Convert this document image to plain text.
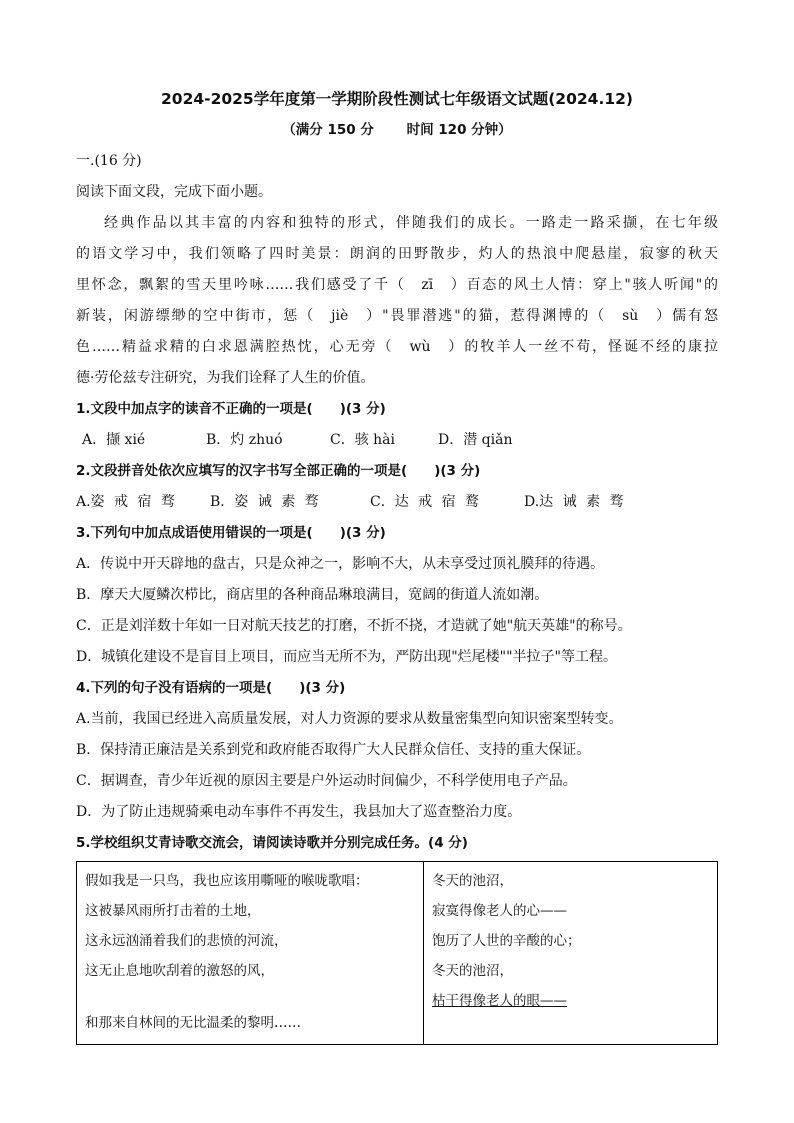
2024-2025学年度第一学期阶段性测试七年级语文试题(2024.12)
（满分 150 分 时间 120 分钟）
一.(16 分)
阅读下面文段，完成下面小题。
经典作品以其丰富的内容和独特的形式，伴随我们的成长。一路走一路采撷，在七年级
的语文学习中，我们领略了四时美景：朗润的田野散步，灼人的热浪中爬悬崖，寂寥的秋天
里怀念，飘絮的雪天里吟咏……我们感受了千（　zī　）百态的风土人情：穿上"骇人听闻"的
新装，闲游缥缈的空中街市，惩（　jiè　）"畏罪潜逃"的猫，惹得渊博的（　sù　）儒有怒
色……精益求精的白求恩满腔热忱，心无旁（　wù　）的牧羊人一丝不苟，怪诞不经的康拉
德·劳伦兹专注研究，为我们诠释了人生的价值。
1.文段中加点字的读音不正确的一项是(　　)(3 分)
A．撷 xié	B．灼 zhuó	C．骇 hài	D．潜 qiǎn
2.文段拼音处依次应填写的汉字书写全部正确的一项是(　　)(3 分)
A.姿 戒 宿 骛	B．姿 诫 素 骛	C．达 戒 宿 鹜	D.达 诫 素 骛
3.下列句中加点成语使用错误的一项是(　　)(3 分)
A．传说中开天辟地的盘古，只是众神之一，影响不大，从未享受过顶礼膜拜的待遇。
B．摩天大厦鳞次栉比，商店里的各种商品琳琅满目，宽阔的街道人流如潮。
C．正是刘洋数十年如一日对航天技艺的打磨，不折不挠，才造就了她"航天英雄"的称号。
D．城镇化建设不是盲目上项目，而应当无所不为，严防出现"烂尾楼""半拉子"等工程。
4.下列的句子没有语病的一项是(　　)(3 分)
A.当前，我国已经进入高质量发展，对人力资源的要求从数量密集型向知识密案型转变。
B．保持清正廉洁是关系到党和政府能否取得广大人民群众信任、支持的重大保证。
C．据调查，青少年近视的原因主要是户外运动时间偏少，不科学使用电子产品。
D．为了防止违规骑乘电动车事件不再发生，我县加大了巡查整治力度。
5.学校组织艾青诗歌交流会，请阅读诗歌并分别完成任务。(4 分)
假如我是一只鸟，我也应该用嘶哑的喉咙歌唱：
这被暴风雨所打击着的土地，
这永远汹涌着我们的悲愤的河流，
这无止息地吹刮着的激怒的风，
和那来自林间的无比温柔的黎明……

冬天的池沼，
寂寞得像老人的心——
饱历了人世的辛酸的心；
冬天的池沼，
枯干得像老人的眼——
